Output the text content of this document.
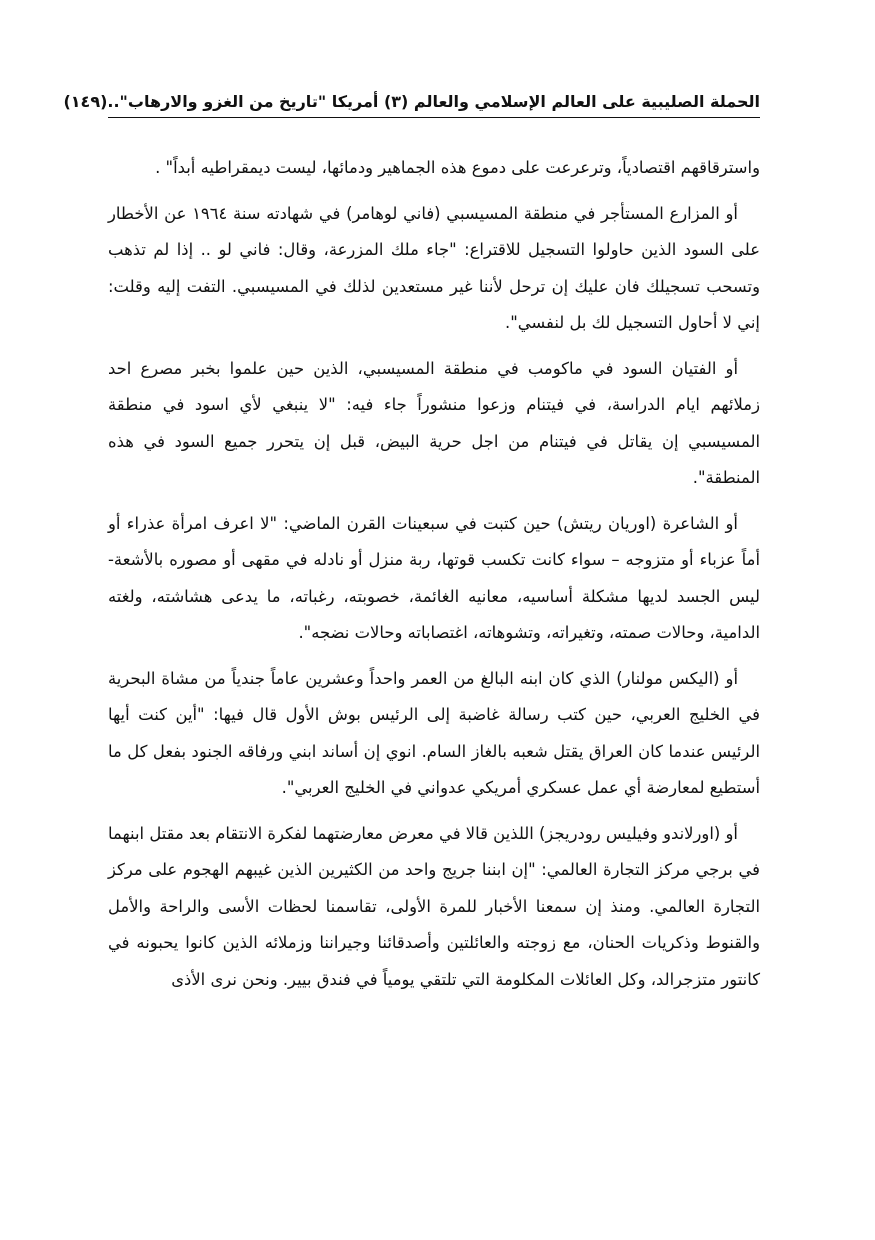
الحملة الصليبية على العالم الإسلامي والعالم (٣) أمريكا "تاريخ من الغزو والارهاب"..
(١٤٩)

واسترقاقهم اقتصادياً، وترعرعت على دموع هذه الجماهير ودمائها، ليست ديمقراطيه أبداً" .

أو المزارع المستأجر في منطقة المسيسبي (فاني لوهامر) في شهادته سنة ١٩٦٤ عن الأخطار على السود الذين حاولوا التسجيل للاقتراع: "جاء ملك المزرعة، وقال: فاني لو .. إذا لم تذهب وتسحب تسجيلك فان عليك إن ترحل لأننا غير مستعدين لذلك في المسيسبي. التفت إليه وقلت: إني لا أحاول التسجيل لك بل لنفسي".

أو الفتيان السود في ماكومب في منطقة المسيسبي، الذين حين علموا بخبر مصرع احد زملائهم ايام الدراسة، في فيتنام وزعوا منشوراً جاء فيه: "لا ينبغي لأي اسود في منطقة المسيسبي إن يقاتل في فيتنام من اجل حرية البيض، قبل إن يتحرر جميع السود في هذه المنطقة".

أو الشاعرة (اوريان ريتش) حين كتبت في سبعينات القرن الماضي: "لا اعرف امرأة عذراء أو أماً عزباء أو متزوجه – سواء كانت تكسب قوتها، ربة منزل أو نادله في مقهى أو مصوره بالأشعة- ليس الجسد لديها مشكلة أساسيه، معانيه الغائمة، خصوبته، رغباته، ما يدعى هشاشته، ولغته الدامية، وحالات صمته، وتغيراته، وتشوهاته، اغتصاباته وحالات نضجه".

أو (اليكس مولنار) الذي كان ابنه البالغ من العمر واحداً وعشرين عاماً جندياً من مشاة البحرية في الخليج العربي، حين كتب رسالة غاضبة إلى الرئيس بوش الأول قال فيها: "أين كنت أيها الرئيس عندما كان العراق يقتل شعبه بالغاز السام. انوي إن أساند ابني ورفاقه الجنود بفعل كل ما أستطيع لمعارضة أي عمل عسكري أمريكي عدواني في الخليج العربي".

أو (اورلاندو وفيليس رودريجز) اللذين قالا في معرض معارضتهما لفكرة الانتقام بعد مقتل ابنهما في برجي مركز التجارة العالمي: "إن ابننا جريج واحد من الكثيرين الذين غيبهم الهجوم على مركز التجارة العالمي. ومنذ إن سمعنا الأخبار للمرة الأولى، تقاسمنا لحظات الأسى والراحة والأمل والقنوط وذكريات الحنان، مع زوجته والعائلتين وأصدقائنا وجيراننا وزملائه الذين كانوا يحبونه في كانتور متزجرالد، وكل العائلات المكلومة التي تلتقي يومياً في فندق بيير. ونحن نرى الأذى
